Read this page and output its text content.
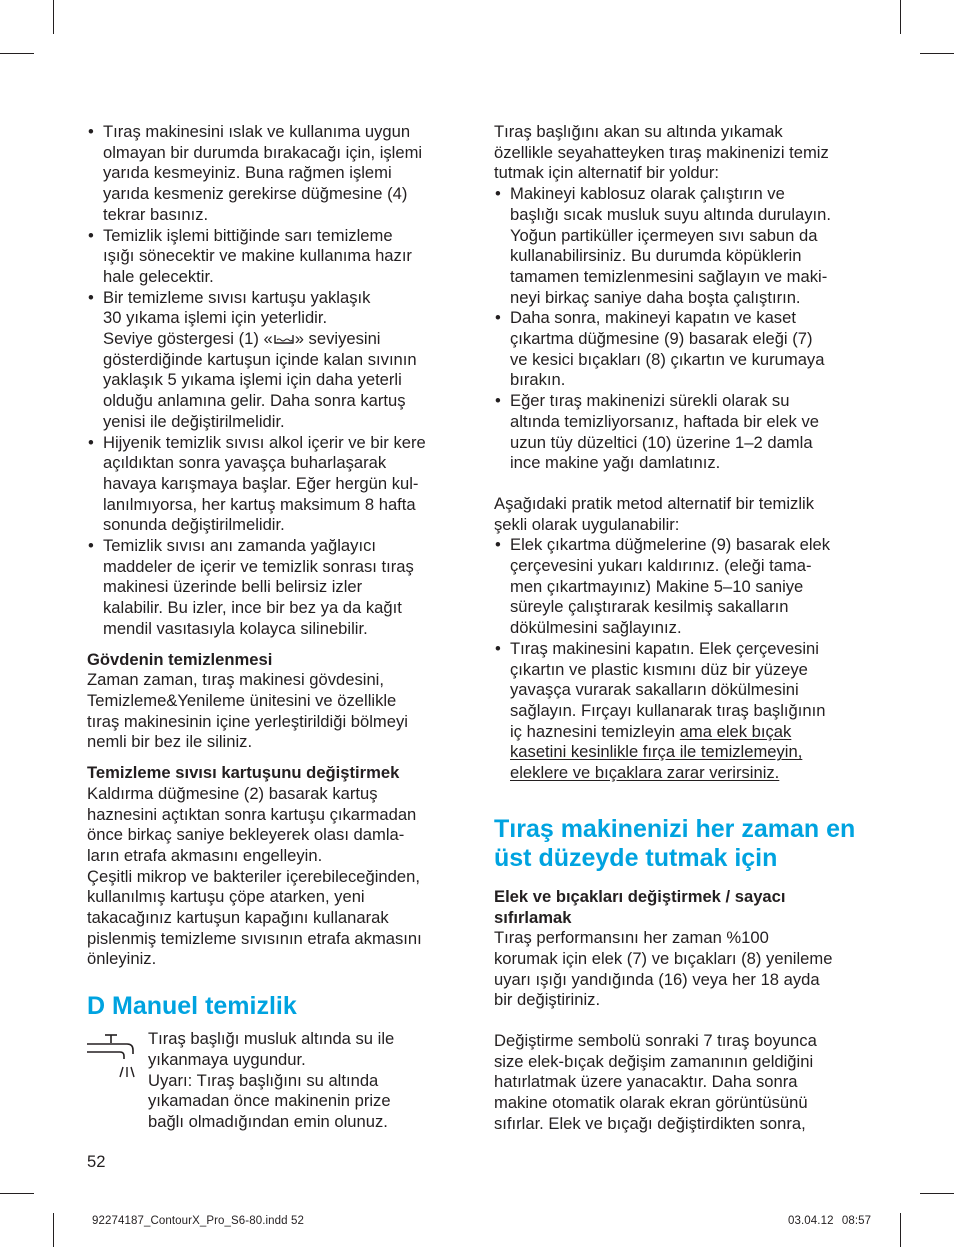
• Tıraş makinesini ıslak ve kullanıma uygun
olmayan bir durumda bırakacağı için, işlemi
yarıda kesmeyiniz. Buna rağmen işlemi
yarıda kesmeniz gerekirse düğmesine (4)
tekrar basınız.
• Temizlik işlemi bittiğinde sarı temizleme
ışığı sönecektir ve makine kullanıma hazır
hale gelecektir.
• Bir temizleme sıvısı kartuşu yaklaşık
30 yıkama işlemi için yeterlidir.
Seviye göstergesi (1) « » seviyesini
gösterdiğinde kartuşun içinde kalan sıvının
yaklaşık 5 yıkama işlemi için daha yeterli
olduğu anlamına gelir. Daha sonra kartuş
yenisi ile değiştirilmelidir.
• Hijyenik temizlik sıvısı alkol içerir ve bir kere
açıldıktan sonra yavaşça buharlaşarak
havaya karışmaya başlar. Eğer hergün kul-
lanılmıyorsa, her kartuş maksimum 8 hafta
sonunda değiştirilmelidir.
• Temizlik sıvısı anı zamanda yağlayıcı
maddeler de içerir ve temizlik sonrası tıraş
makinesi üzerinde belli belirsiz izler
kalabilir. Bu izler, ince bir bez ya da kağıt
mendil vasıtasıyla kolayca silinebilir.
Gövdenin temizlenmesi
Zaman zaman, tıraş makinesi gövdesini,
Temizleme&Yenileme ünitesini ve özellikle
tıraş makinesinin içine yerleştirildiği bölmeyi
nemli bir bez ile siliniz.
Temizleme sıvısı kartuşunu değiştirmek
Kaldırma düğmesine (2) basarak kartuş
haznesini açtıktan sonra kartuşu çıkarmadan
önce birkaç saniye bekleyerek olası damla-
ların etrafa akmasını engelleyin.
Çeşitli mikrop ve bakteriler içerebileceğinden,
kullanılmış kartuşu çöpe atarken, yeni
takacağınız kartuşun kapağını kullanarak
pislenmiş temizleme sıvısının etrafa akmasını
önleyiniz.
D Manuel temizlik
Tıraş başlığı musluk altında su ile
yıkanmaya uygundur.
Uyarı: Tıraş başlığını su altında
yıkamadan önce makinenin prize
bağlı olmadığından emin olunuz.
Tıraş başlığını akan su altında yıkamak
özellikle seyahatteyken tıraş makinenizi temiz
tutmak için alternatif bir yoldur:
• Makineyi kablosuz olarak çalıştırın ve
başlığı sıcak musluk suyu altında durulayın.
Yoğun partiküller içermeyen sıvı sabun da
kullanabilirsiniz. Bu durumda köpüklerin
tamamen temizlenmesini sağlayın ve maki-
neyi birkaç saniye daha boşta çalıştırın.
• Daha sonra, makineyi kapatın ve kaset
çıkartma düğmesine (9) basarak eleği (7)
ve kesici bıçakları (8) çıkartın ve kurumaya
bırakın.
• Eğer tıraş makinenizi sürekli olarak su
altında temizliyorsanız, haftada bir elek ve
uzun tüy düzeltici (10) üzerine 1–2 damla
ince makine yağı damlatınız.
Aşağıdaki pratik metod alternatif bir temizlik
şekli olarak uygulanabilir:
• Elek çıkartma düğmelerine (9) basarak elek
çerçevesini yukarı kaldırınız. (eleği tama-
men çıkartmayınız) Makine 5–10 saniye
süreyle çalıştırarak kesilmiş sakalların
dökülmesini sağlayınız.
• Tıraş makinesini kapatın. Elek çerçevesini
çıkartın ve plastic kısmını düz bir yüzeye
yavaşça vurarak sakalların dökülmesini
sağlayın. Fırçayı kullanarak tıraş başlığının
iç haznesini temizleyin ama elek bıçak
kasetini kesinlikle fırça ile temizlemeyin,
eleklere ve bıçaklara zarar verirsiniz.
Tıraş makinenizi her zaman en
üst düzeyde tutmak için
Elek ve bıçakları değiştirmek / sayacı
sıfırlamak
Tıraş performansını her zaman %100
korumak için elek (7) ve bıçakları (8) yenileme
uyarı ışığı yandığında (16) veya her 18 ayda
bir değiştiriniz.
Değiştirme sembolü sonraki 7 tıraş boyunca
size elek-bıçak değişim zamanının geldiğini
hatırlatmak üzere yanacaktır. Daha sonra
makine otomatik olarak ekran görüntüsünü
sıfırlar. Elek ve bıçağı değiştirdikten sonra,
52
92274187_ContourX_Pro_S6-80.indd 52	03.04.12 08:57
